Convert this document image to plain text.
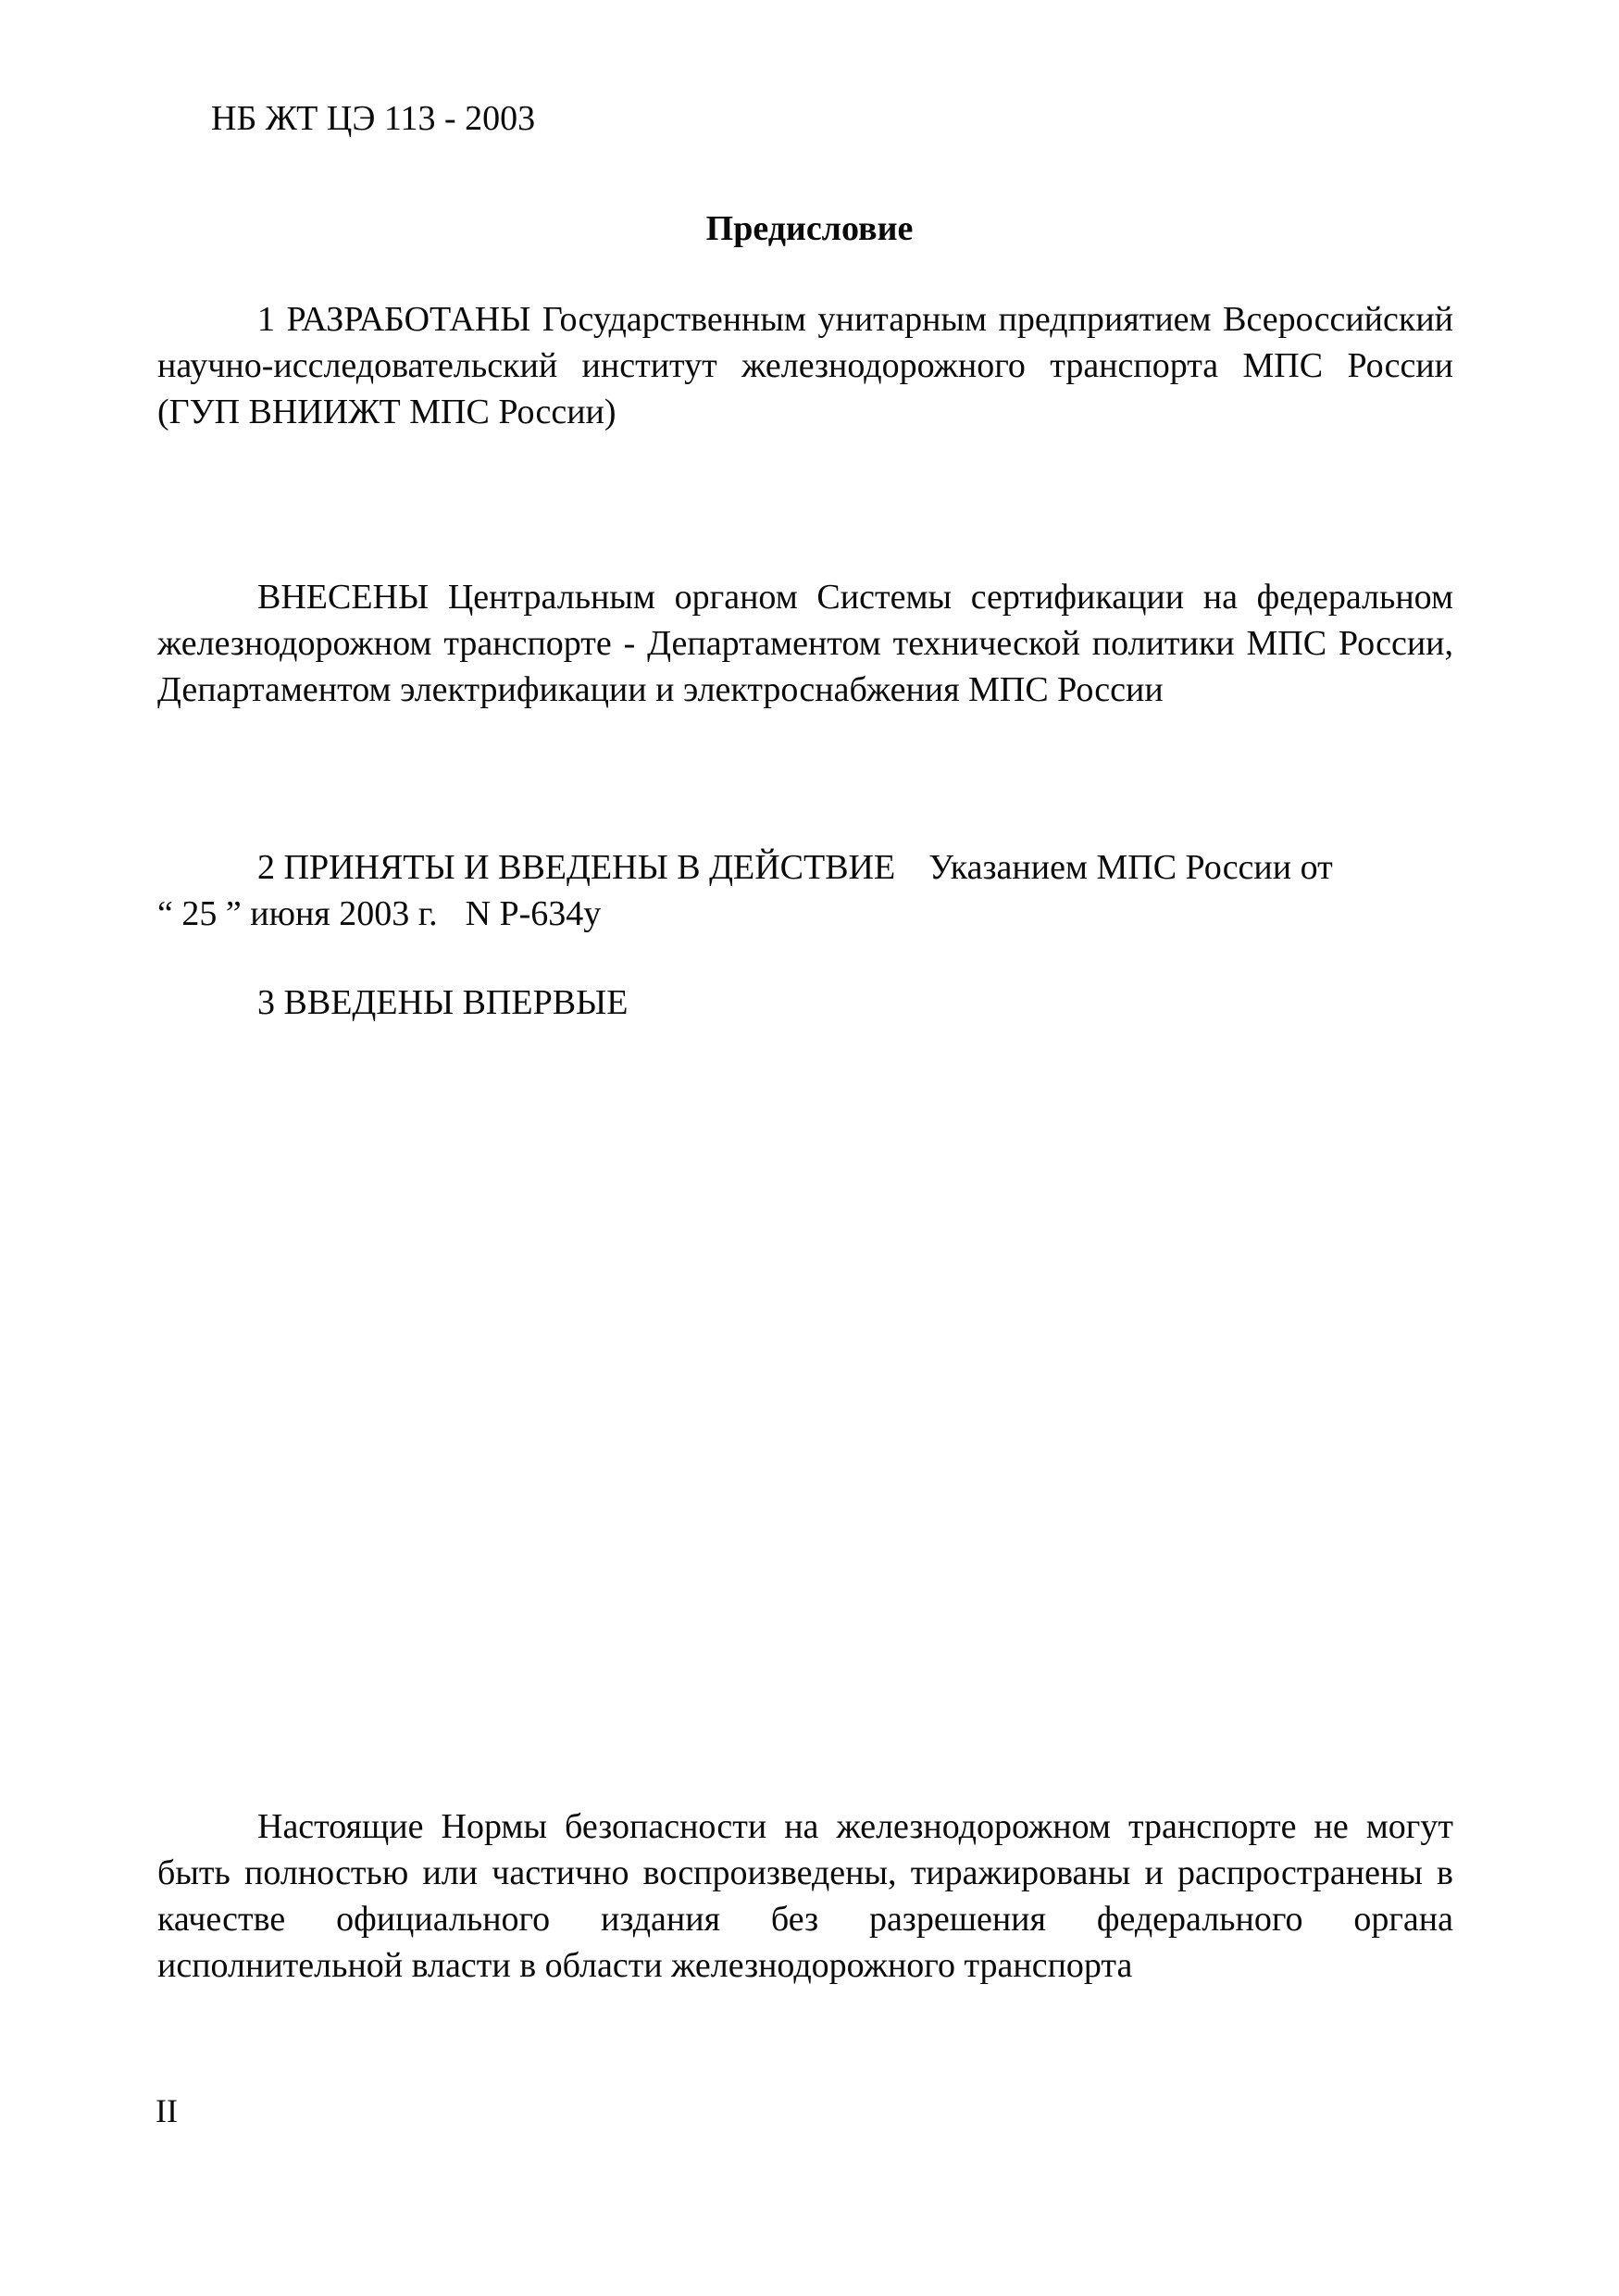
НБ ЖТ ЦЭ 113 - 2003
Предисловие

1 РАЗРАБОТАНЫ Государственным унитарным предприятием Всероссийский научно-исследовательский институт железнодорожного транспорта МПС России (ГУП ВНИИЖТ МПС России)

ВНЕСЕНЫ Центральным органом Системы сертификации на федеральном железнодорожном транспорте - Департаментом технической политики МПС России, Департаментом электрификации и электроснабжения МПС России

2 ПРИНЯТЫ И ВВЕДЕНЫ В ДЕЙСТВИЕ Указанием МПС России от
“ 25 ” июня 2003 г. N Р-634у

3 ВВЕДЕНЫ ВПЕРВЫЕ

Настоящие Нормы безопасности на железнодорожном транспорте не могут быть полностью или частично воспроизведены, тиражированы и распространены в качестве официального издания без разрешения федерального органа исполнительной власти в области железнодорожного транспорта

II
